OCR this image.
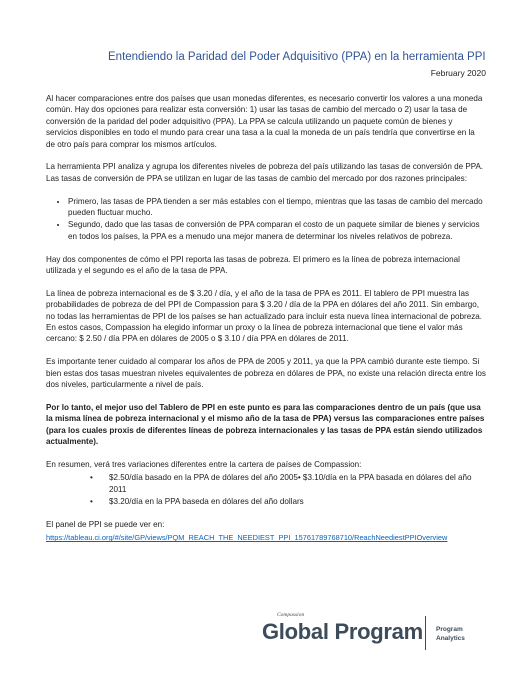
Entendiendo la Paridad del Poder Adquisitivo (PPA) en la herramienta PPI
February 2020

Al hacer comparaciones entre dos países que usan monedas diferentes, es necesario convertir los valores a una moneda común. Hay dos opciones para realizar esta conversión: 1) usar las tasas de cambio del mercado o 2) usar la tasa de conversión de la paridad del poder adquisitivo (PPA). La PPA se calcula utilizando un paquete común de bienes y servicios disponibles en todo el mundo para crear una tasa a la cual la moneda de un país tendría que convertirse en la de otro país para comprar los mismos artículos.

La herramienta PPI analiza y agrupa los diferentes niveles de pobreza del país utilizando las tasas de conversión de PPA. Las tasas de conversión de PPA se utilizan en lugar de las tasas de cambio del mercado por dos razones principales:

• Primero, las tasas de PPA tienden a ser más estables con el tiempo, mientras que las tasas de cambio del mercado pueden fluctuar mucho.
• Segundo, dado que las tasas de conversión de PPA comparan el costo de un paquete similar de bienes y servicios en todos los países, la PPA es a menudo una mejor manera de determinar los niveles relativos de pobreza.

Hay dos componentes de cómo el PPI reporta las tasas de pobreza. El primero es la línea de pobreza internacional utilizada y el segundo es el año de la tasa de PPA.

La línea de pobreza internacional es de $ 3.20 / día, y el año de la tasa de PPA es 2011. El tablero de PPI muestra las probabilidades de pobreza de del PPI de Compassion para $ 3.20 / día de la PPA en dólares del año 2011. Sin embargo, no todas las herramientas de PPI de los países se han actualizado para incluir esta nueva línea internacional de pobreza. En estos casos, Compassion ha elegido informar un proxy o la línea de pobreza internacional que tiene el valor más cercano: $ 2.50 / día PPA en dólares de 2005 o $ 3.10 / día PPA en dólares de 2011.

Es importante tener cuidado al comparar los años de PPA de 2005 y 2011, ya que la PPA cambió durante este tiempo. Si bien estas dos tasas muestran niveles equivalentes de pobreza en dólares de PPA, no existe una relación directa entre los dos niveles, particularmente a nivel de país.

Por lo tanto, el mejor uso del Tablero de PPI en este punto es para las comparaciones dentro de un país (que usa la misma línea de pobreza internacional y el mismo año de la tasa de PPA) versus las comparaciones entre países (para los cuales proxis de diferentes líneas de pobreza internacionales y las tasas de PPA están siendo utilizados actualmente).

En resumen, verá tres variaciones diferentes entre la cartera de países de Compassion:

• $2.50/día basado en la PPA de dólares del año 2005• $3.10/día en la PPA basada en dólares del año 2011
• $3.20/día en la PPA baseda en dólares del año dollars

El panel de PPI se puede ver en:

https://tableau.ci.org/#/site/GP/views/PQM_REACH_THE_NEEDIEST_PPI_15761789768710/ReachNeediestPPIOverview
Compassion
Global Program Program
Analytics
